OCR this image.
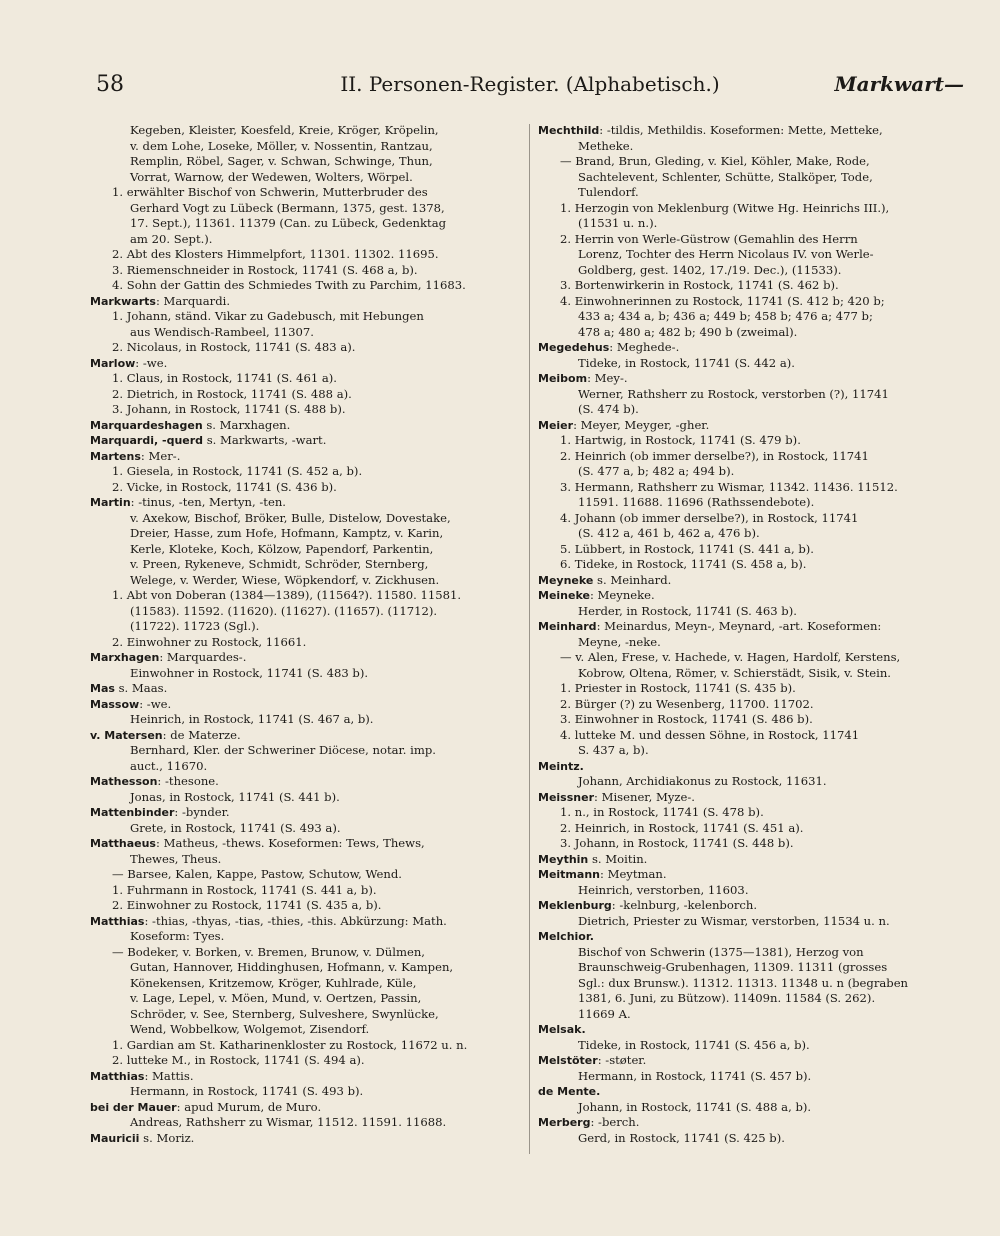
58	II. Personen-Register. (Alphabetisch.)	Markwart—
Kegeben, Kleister, Koesfeld, Kreie, Kröger, Kröpelin,
v. dem Lohe, Loseke, Möller, v. Nossentin, Rantzau,
Remplin, Röbel, Sager, v. Schwan, Schwinge, Thun,
Vorrat, Warnow, der Wedewen, Wolters, Wörpel.
1. erwählter Bischof von Schwerin, Mutterbruder des
Gerhard Vogt zu Lübeck (Bermann, 1375, gest. 1378,
17. Sept.), 11361. 11379 (Can. zu Lübeck, Gedenktag
am 20. Sept.).
2. Abt des Klosters Himmelpfort, 11301. 11302. 11695.
3. Riemenschneider in Rostock, 11741 (S. 468 a, b).
4. Sohn der Gattin des Schmiedes Twith zu Parchim, 11683.
Markwarts: Marquardi.
1. Johann, ständ. Vikar zu Gadebusch, mit Hebungen
aus Wendisch-Rambeel, 11307.
2. Nicolaus, in Rostock, 11741 (S. 483 a).
Marlow: -we.
1. Claus, in Rostock, 11741 (S. 461 a).
2. Dietrich, in Rostock, 11741 (S. 488 a).
3. Johann, in Rostock, 11741 (S. 488 b).
Marquardeshagen s. Marxhagen.
Marquardi, -querd s. Markwarts, -wart.
Martens: Mer-.
1. Giesela, in Rostock, 11741 (S. 452 a, b).
2. Vicke, in Rostock, 11741 (S. 436 b).
Martin: -tinus, -ten, Mertyn, -ten.
v. Axekow, Bischof, Bröker, Bulle, Distelow, Dovestake,
Dreier, Hasse, zum Hofe, Hofmann, Kamptz, v. Karin,
Kerle, Kloteke, Koch, Kölzow, Papendorf, Parkentin,
v. Preen, Rykeneve, Schmidt, Schröder, Sternberg,
Welege, v. Werder, Wiese, Wöpkendorf, v. Zickhusen.
1. Abt von Doberan (1384—1389), (11564?). 11580. 11581.
(11583). 11592. (11620). (11627). (11657). (11712).
(11722). 11723 (Sgl.).
2. Einwohner zu Rostock, 11661.
Marxhagen: Marquardes-.
Einwohner in Rostock, 11741 (S. 483 b).
Mas s. Maas.
Massow: -we.
Heinrich, in Rostock, 11741 (S. 467 a, b).
v. Matersen: de Materze.
Bernhard, Kler. der Schweriner Diöcese, notar. imp.
auct., 11670.
Mathesson: -thesone.
Jonas, in Rostock, 11741 (S. 441 b).
Mattenbinder: -bynder.
Grete, in Rostock, 11741 (S. 493 a).
Matthaeus: Matheus, -thews. Koseformen: Tews, Thews,
Thewes, Theus.
— Barsee, Kalen, Kappe, Pastow, Schutow, Wend.
1. Fuhrmann in Rostock, 11741 (S. 441 a, b).
2. Einwohner zu Rostock, 11741 (S. 435 a, b).
Matthias: -thias, -thyas, -tias, -thies, -this. Abkürzung: Math.
Koseform: Tyes.
— Bodeker, v. Borken, v. Bremen, Brunow, v. Dülmen,
Gutan, Hannover, Hiddinghusen, Hofmann, v. Kampen,
Könekensen, Kritzemow, Kröger, Kuhlrade, Küle,
v. Lage, Lepel, v. Möen, Mund, v. Oertzen, Passin,
Schröder, v. See, Sternberg, Sulveshere, Swynlücke,
Wend, Wobbelkow, Wolgemot, Zisendorf.
1. Gardian am St. Katharinenkloster zu Rostock, 11672 u. n.
2. lutteke M., in Rostock, 11741 (S. 494 a).
Matthias: Mattis.
Hermann, in Rostock, 11741 (S. 493 b).
bei der Mauer: apud Murum, de Muro.
Andreas, Rathsherr zu Wismar, 11512. 11591. 11688.
Mauricii s. Moriz.
Mechthild: -tildis, Methildis. Koseformen: Mette, Metteke,
Metheke.
— Brand, Brun, Gleding, v. Kiel, Köhler, Make, Rode,
Sachtelevent, Schlenter, Schütte, Stalköper, Tode,
Tulendorf.
1. Herzogin von Meklenburg (Witwe Hg. Heinrichs III.),
(11531 u. n.).
2. Herrin von Werle-Güstrow (Gemahlin des Herrn
Lorenz, Tochter des Herrn Nicolaus IV. von Werle-
Goldberg, gest. 1402, 17./19. Dec.), (11533).
3. Bortenwirkerin in Rostock, 11741 (S. 462 b).
4. Einwohnerinnen zu Rostock, 11741 (S. 412 b; 420 b;
433 a; 434 a, b; 436 a; 449 b; 458 b; 476 a; 477 b;
478 a; 480 a; 482 b; 490 b (zweimal).
Megedehus: Meghede-.
Tideke, in Rostock, 11741 (S. 442 a).
Meibom: Mey-.
Werner, Rathsherr zu Rostock, verstorben (?), 11741
(S. 474 b).
Meier: Meyer, Meyger, -gher.
1. Hartwig, in Rostock, 11741 (S. 479 b).
2. Heinrich (ob immer derselbe?), in Rostock, 11741
(S. 477 a, b; 482 a; 494 b).
3. Hermann, Rathsherr zu Wismar, 11342. 11436. 11512.
11591. 11688. 11696 (Rathssendebote).
4. Johann (ob immer derselbe?), in Rostock, 11741
(S. 412 a, 461 b, 462 a, 476 b).
5. Lübbert, in Rostock, 11741 (S. 441 a, b).
6. Tideke, in Rostock, 11741 (S. 458 a, b).
Meyneke s. Meinhard.
Meineke: Meyneke.
Herder, in Rostock, 11741 (S. 463 b).
Meinhard: Meinardus, Meyn-, Meynard, -art. Koseformen:
Meyne, -neke.
— v. Alen, Frese, v. Hachede, v. Hagen, Hardolf, Kerstens,
Kobrow, Oltena, Römer, v. Schierstädt, Sisik, v. Stein.
1. Priester in Rostock, 11741 (S. 435 b).
2. Bürger (?) zu Wesenberg, 11700. 11702.
3. Einwohner in Rostock, 11741 (S. 486 b).
4. lutteke M. und dessen Söhne, in Rostock, 11741
S. 437 a, b).
Meintz.
Johann, Archidiakonus zu Rostock, 11631.
Meissner: Misener, Myze-.
1. n., in Rostock, 11741 (S. 478 b).
2. Heinrich, in Rostock, 11741 (S. 451 a).
3. Johann, in Rostock, 11741 (S. 448 b).
Meythin s. Moitin.
Meitmann: Meytman.
Heinrich, verstorben, 11603.
Meklenburg: -kelnburg, -kelenborch.
Dietrich, Priester zu Wismar, verstorben, 11534 u. n.
Melchior.
Bischof von Schwerin (1375—1381), Herzog von
Braunschweig-Grubenhagen, 11309. 11311 (grosses
Sgl.: dux Brunsw.). 11312. 11313. 11348 u. n (begraben
1381, 6. Juni, zu Bützow). 11409n. 11584 (S. 262).
11669 A.
Melsak.
Tideke, in Rostock, 11741 (S. 456 a, b).
Melstöter: -støter.
Hermann, in Rostock, 11741 (S. 457 b).
de Mente.
Johann, in Rostock, 11741 (S. 488 a, b).
Merberg: -berch.
Gerd, in Rostock, 11741 (S. 425 b).
